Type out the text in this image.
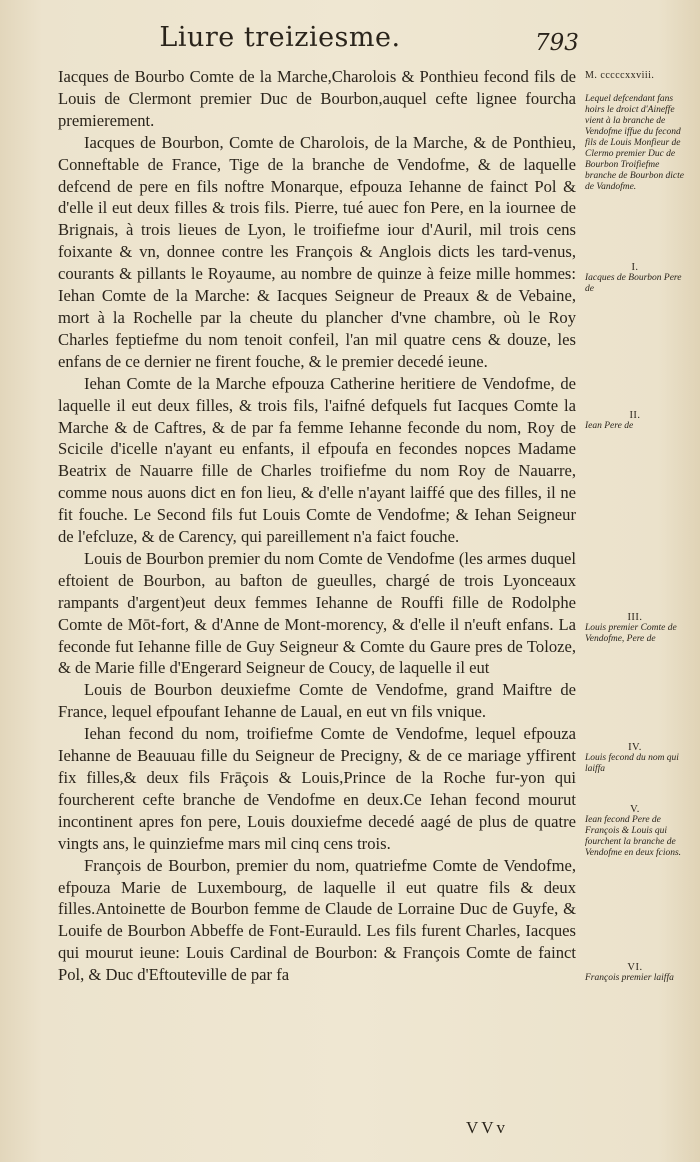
Liure treiziesme.	793

Iacques de Bourbo Comte de la Marche,Charolois & Ponthieu fecond fils de Louis de Clermont premier Duc de Bourbon,auquel cefte lignee fourcha premierement.

Iacques de Bourbon, Comte de Charolois, de la Marche, & de Ponthieu, Conneftable de France, Tige de la branche de Vendofme, & de laquelle defcend de pere en fils noftre Monarque, efpouza Iehanne de fainct Pol & d'elle il eut deux filles & trois fils. Pierre, tué auec fon Pere, en la iournee de Brignais, à trois lieues de Lyon, le troifiefme iour d'Auril, mil trois cens foixante & vn, donnee contre les François & Anglois dicts les tard-venus, courants & pillants le Royaume, au nombre de quinze à feize mille hommes: Iehan Comte de la Marche: & Iacques Seigneur de Preaux & de Vebaine, mort à la Rochelle par la cheute du plancher d'vne chambre, où le Roy Charles feptiefme du nom tenoit confeil, l'an mil quatre cens & douze, les enfans de ce dernier ne firent fouche, & le premier decedé ieune.

Iehan Comte de la Marche efpouza Catherine heritiere de Vendofme, de laquelle il eut deux filles, & trois fils, l'aifné defquels fut Iacques Comte la Marche & de Caftres, & de par fa femme Iehanne feconde du nom, Roy de Scicile d'icelle n'ayant eu enfants, il efpoufa en fecondes nopces Madame Beatrix de Nauarre fille de Charles troifiefme du nom Roy de Nauarre, comme nous auons dict en fon lieu, & d'elle n'ayant laiffé que des filles, il ne fit fouche. Le Second fils fut Louis Comte de Vendofme; & Iehan Seigneur de l'efcluze, & de Carency, qui pareillement n'a faict fouche.

Louis de Bourbon premier du nom Comte de Vendofme (les armes duquel eftoient de Bourbon, au bafton de gueulles, chargé de trois Lyonceaux rampants d'argent)eut deux femmes Iehanne de Rouffi fille de Rodolphe Comte de Mōt-fort, & d'Anne de Mont-morency, & d'elle il n'euft enfans. La feconde fut Iehanne fille de Guy Seigneur & Comte du Gaure pres de Toloze, & de Marie fille d'Engerard Seigneur de Coucy, de laquelle il eut

Louis de Bourbon deuxiefme Comte de Vendofme, grand Maiftre de France, lequel efpoufant Iehanne de Laual, en eut vn fils vnique.

Iehan fecond du nom, troifiefme Comte de Vendofme, lequel efpouza Iehanne de Beauuau fille du Seigneur de Precigny, & de ce mariage yffirent fix filles,& deux fils Frāçois & Louis,Prince de la Roche fur-yon qui fourcherent cefte branche de Vendofme en deux.Ce Iehan fecond mourut incontinent apres fon pere, Louis douxiefme decedé aagé de plus de quatre vingts ans, le quinziefme mars mil cinq cens trois.

François de Bourbon, premier du nom, quatriefme Comte de Vendofme, efpouza Marie de Luxembourg, de laquelle il eut quatre fils & deux filles.Antoinette de Bourbon femme de Claude de Lorraine Duc de Guyfe, & Louife de Bourbon Abbeffe de Font-Eurauld. Les fils furent Charles, Iacques qui mourut ieune: Louis Cardinal de Bourbon: & François Comte de fainct Pol, & Duc d'Eftouteville de par fa

M. cccccxxviii.
Lequel defcendant fans hoirs le droict d'Aineffe vient à la branche de Vendofme iffue du fecond fils de Louis Monfieur de Clermo premier Duc de Bourbon Troifiefme branche de Bourbon dicte de Vandofme.
I.
Iacques de Bourbon Pere de
II.
Iean Pere de
III.
Louis premier Comte de Vendofme, Pere de
IV.
Louis fecond du nom qui laiffa
V.
Iean fecond Pere de François & Louis qui fourchent la branche de Vendofme en deux fcions.
VI.
François premier laiffa
VVv
